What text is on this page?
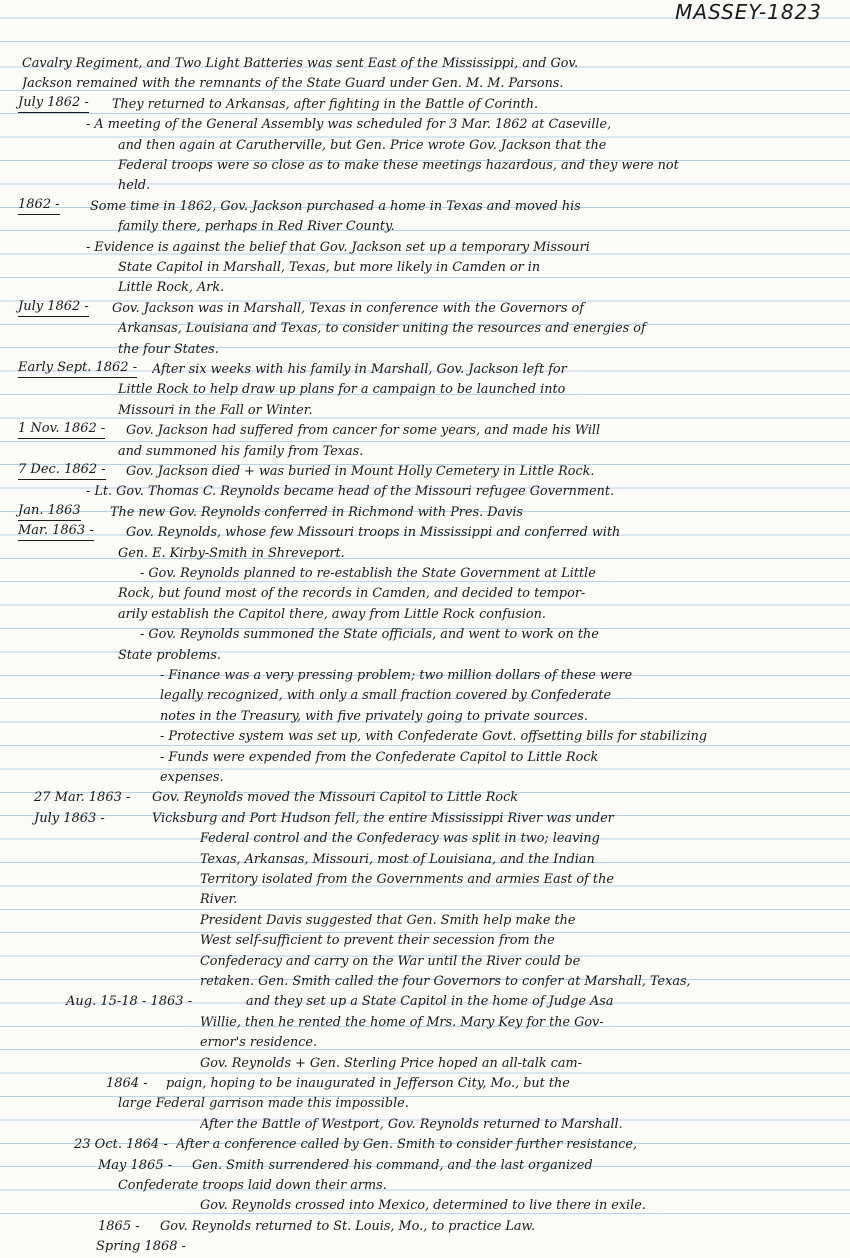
MASSEY-1823
Cavalry Regiment, and Two Light Batteries was sent East of the Mississippi, and Gov.
Jackson remained with the remnants of the State Guard under Gen. M. M. Parsons.
July 1862 - They returned to Arkansas, after fighting in the Battle of Corinth.
- A meeting of the General Assembly was scheduled for 3 Mar. 1862 at Caseville,
and then again at Carutherville, but Gen. Price wrote Gov. Jackson that the
Federal troops were so close as to make these meetings hazardous, and they were not
held.
1862 - Some time in 1862, Gov. Jackson purchased a home in Texas and moved his
family there, perhaps in Red River County.
- Evidence is against the belief that Gov. Jackson set up a temporary Missouri
State Capitol in Marshall, Texas, but more likely in Camden or in
Little Rock, Ark.
July 1862 - Gov. Jackson was in Marshall, Texas in conference with the Governors of
Arkansas, Louisiana and Texas, to consider uniting the resources and energies of
the four States.
Early Sept. 1862 - After six weeks with his family in Marshall, Gov. Jackson left for
Little Rock to help draw up plans for a campaign to be launched into
Missouri in the Fall or Winter.
1 Nov. 1862 - Gov. Jackson had suffered from cancer for some years, and made his Will
and summoned his family from Texas.
7 Dec. 1862 - Gov. Jackson died + was buried in Mount Holly Cemetery in Little Rock.
- Lt. Gov. Thomas C. Reynolds became head of the Missouri refugee Government.
Jan. 1863 The new Gov. Reynolds conferred in Richmond with Pres. Davis
Mar. 1863 -	Gov. Reynolds, whose few Missouri troops in Mississippi and conferred with
Gen. E. Kirby-Smith in Shreveport.
- Gov. Reynolds planned to re-establish the State Government at Little
Rock, but found most of the records in Camden, and decided to tempor-
arily establish the Capitol there, away from Little Rock confusion.
- Gov. Reynolds summoned the State officials, and went to work on the
State problems.
- Finance was a very pressing problem; two million dollars of these were
legally recognized, with only a small fraction covered by Confederate
notes in the Treasury, with five privately going to private sources.
- Protective system was set up, with Confederate Govt. offsetting bills for stabilizing
- Funds were expended from the Confederate Capitol to Little Rock
expenses.
27 Mar. 1863 - Gov. Reynolds moved the Missouri Capitol to Little Rock
July 1863 -	Vicksburg and Port Hudson fell, the entire Mississippi River was under
Federal control and the Confederacy was split in two; leaving
Texas, Arkansas, Missouri, most of Louisiana, and the Indian
Territory isolated from the Governments and armies East of the
River.
President Davis suggested that Gen. Smith help make the
West self-sufficient to prevent their secession from the
Confederacy and carry on the War until the River could be
retaken. Gen. Smith called the four Governors to confer at Marshall, Texas,
Aug. 15-18 - 1863 -	and they set up a State Capitol in the home of Judge Asa
Willie, then he rented the home of Mrs. Mary Key for the Gov-
ernor's residence.
Gov. Reynolds + Gen. Sterling Price hoped an all-talk cam-
1864 - paign, hoping to be inaugurated in Jefferson City, Mo., but the
large Federal garrison made this impossible.
After the Battle of Westport, Gov. Reynolds returned to Marshall.
23 Oct. 1864 - After a conference called by Gen. Smith to consider further resistance,
May 1865 - Gen. Smith surrendered his command, and the last organized
Confederate troops laid down their arms.
Gov. Reynolds crossed into Mexico, determined to live there in exile.
1865 - Gov. Reynolds returned to St. Louis, Mo., to practice Law.
Spring 1868 -
